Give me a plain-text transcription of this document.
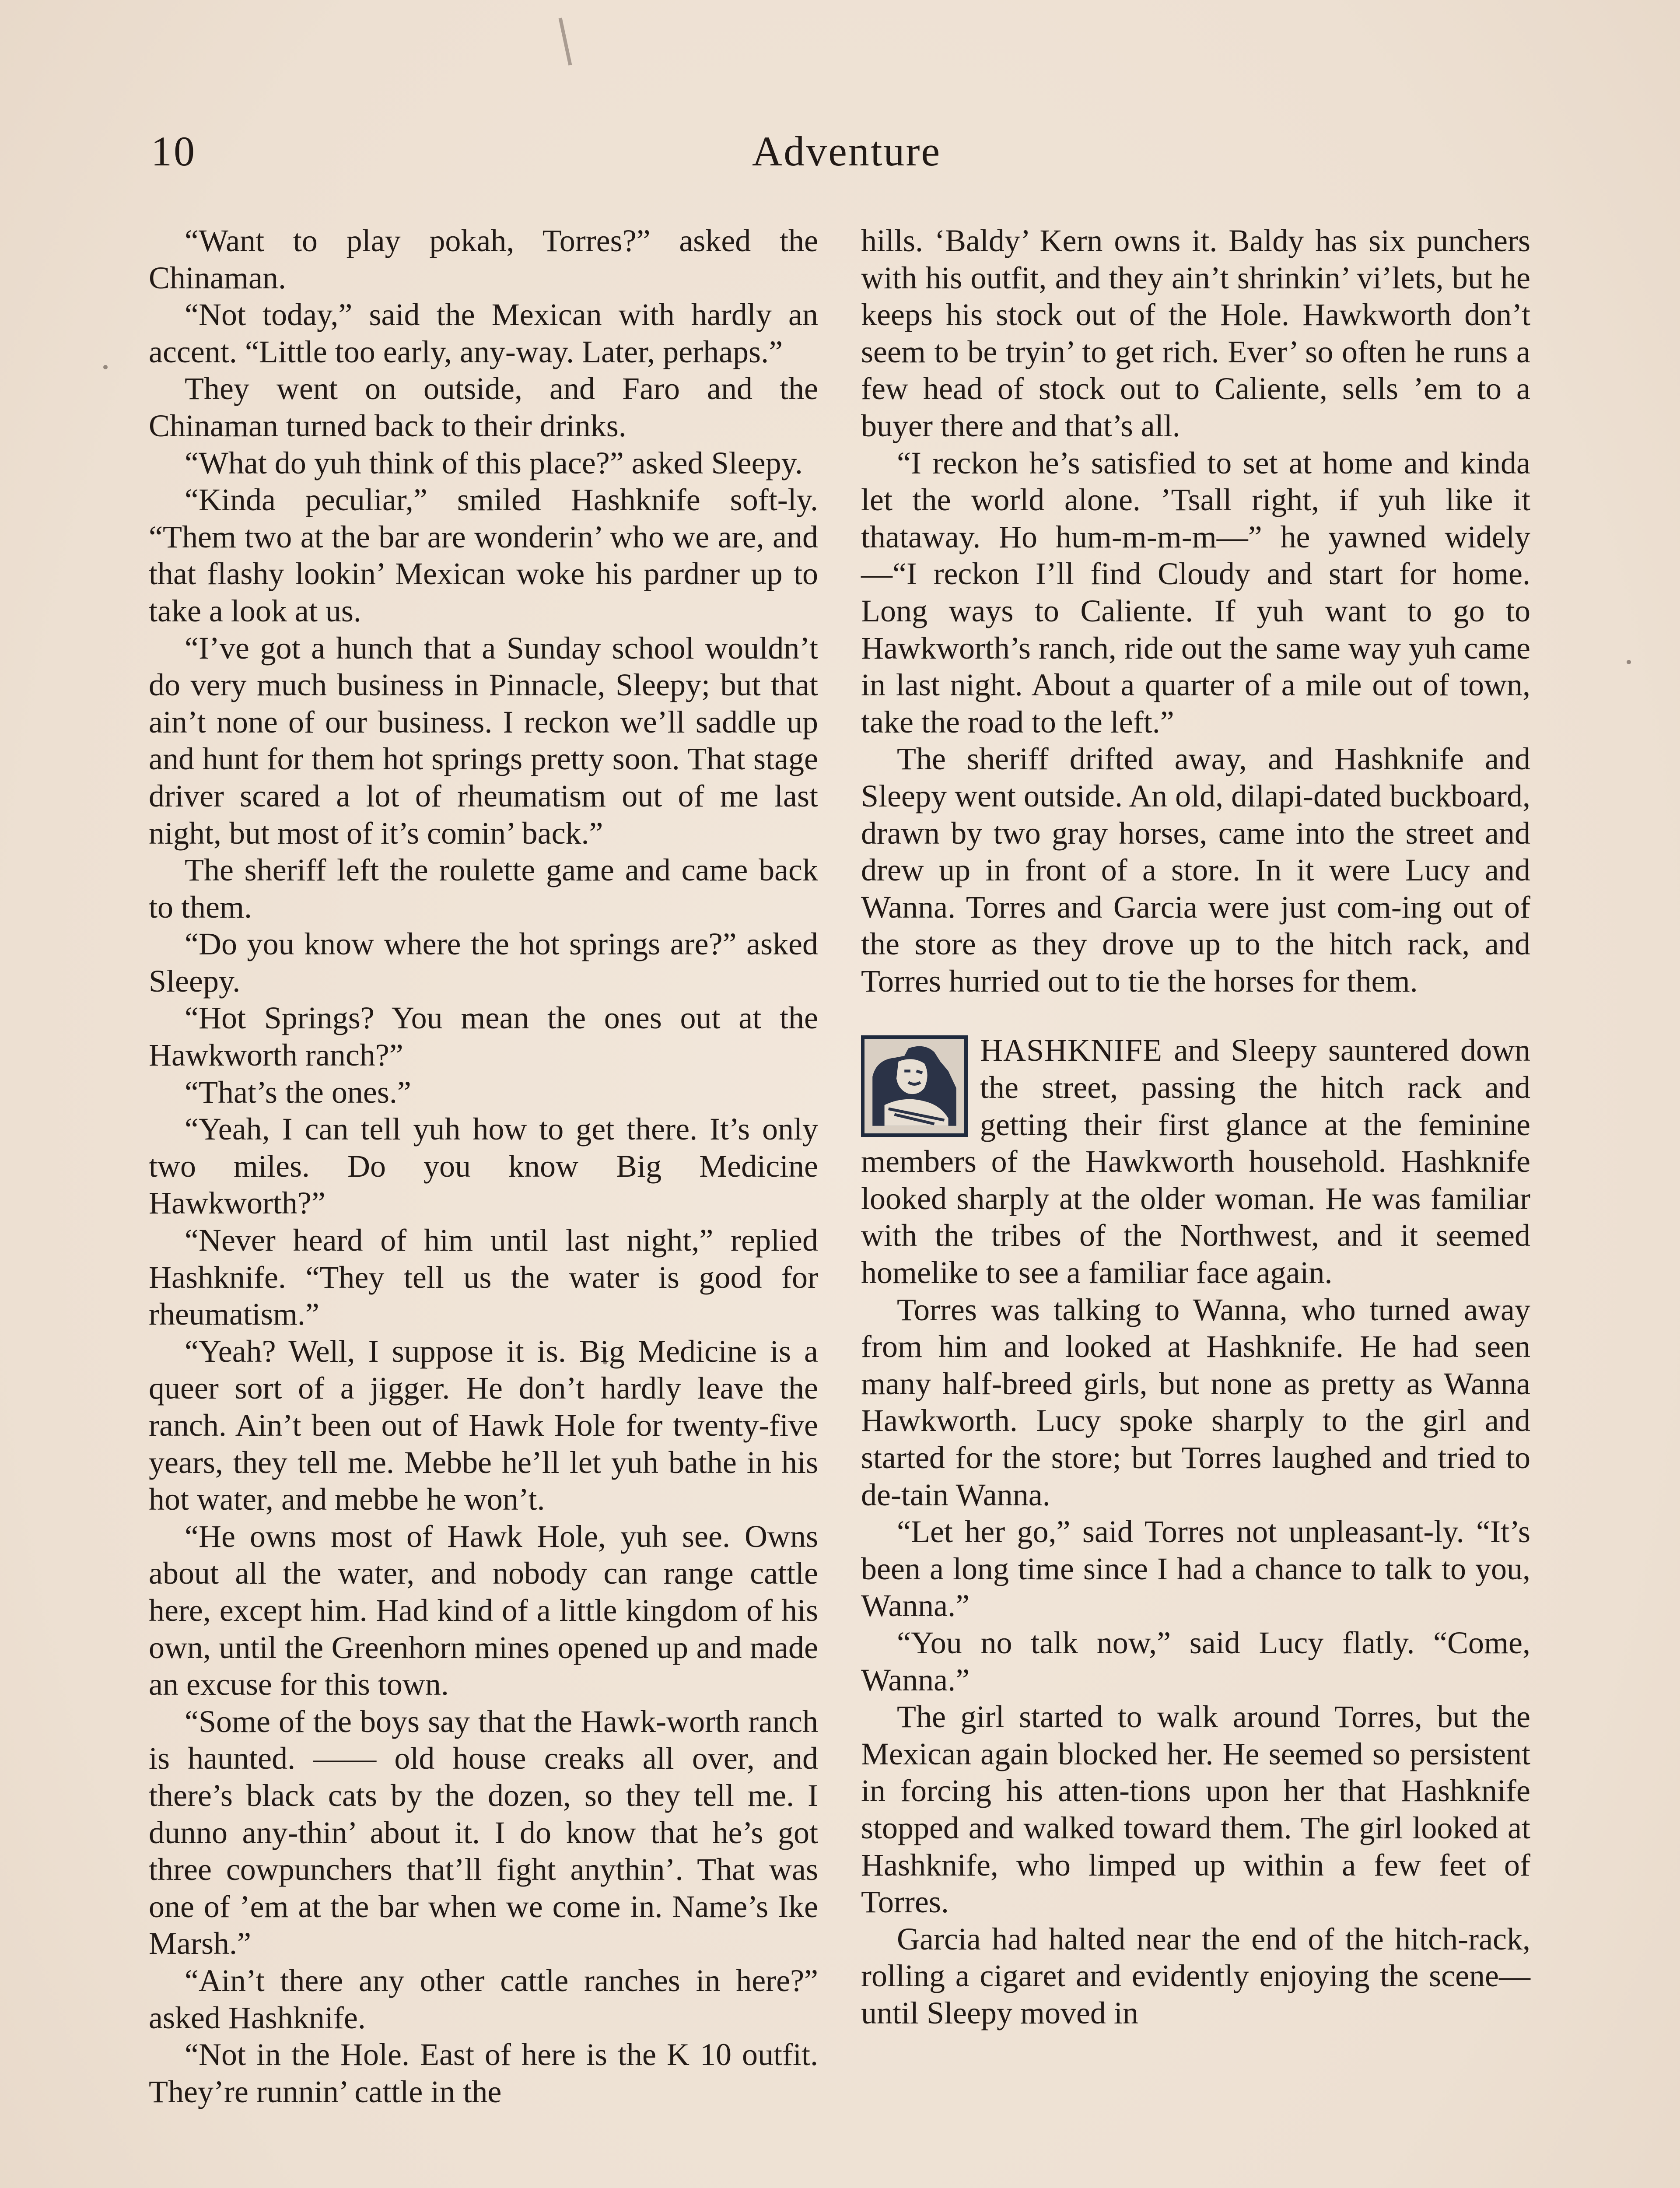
10	Adventure

“Want to play pokah, Torres?” asked the Chinaman.

“Not today,” said the Mexican with hardly an accent. “Little too early, any-way. Later, perhaps.”

They went on outside, and Faro and the Chinaman turned back to their drinks.

“What do yuh think of this place?” asked Sleepy.

“Kinda peculiar,” smiled Hashknife soft-ly. “Them two at the bar are wonderin’ who we are, and that flashy lookin’ Mexican woke his pardner up to take a look at us.

“I’ve got a hunch that a Sunday school wouldn’t do very much business in Pinnacle, Sleepy; but that ain’t none of our business. I reckon we’ll saddle up and hunt for them hot springs pretty soon. That stage driver scared a lot of rheumatism out of me last night, but most of it’s comin’ back.”

The sheriff left the roulette game and came back to them.

“Do you know where the hot springs are?” asked Sleepy.

“Hot Springs? You mean the ones out at the Hawkworth ranch?”

“That’s the ones.”

“Yeah, I can tell yuh how to get there. It’s only two miles. Do you know Big Medicine Hawkworth?”

“Never heard of him until last night,” replied Hashknife. “They tell us the water is good for rheumatism.”

“Yeah? Well, I suppose it is. Big Medicine is a queer sort of a jigger. He don’t hardly leave the ranch. Ain’t been out of Hawk Hole for twenty-five years, they tell me. Mebbe he’ll let yuh bathe in his hot water, and mebbe he won’t.

“He owns most of Hawk Hole, yuh see. Owns about all the water, and nobody can range cattle here, except him. Had kind of a little kingdom of his own, until the Greenhorn mines opened up and made an excuse for this town.

“Some of the boys say that the Hawk-worth ranch is haunted. —— old house creaks all over, and there’s black cats by the dozen, so they tell me. I dunno any-thin’ about it. I do know that he’s got three cowpunchers that’ll fight anythin’. That was one of ’em at the bar when we come in. Name’s Ike Marsh.”

“Ain’t there any other cattle ranches in here?” asked Hashknife.

“Not in the Hole. East of here is the K 10 outfit. They’re runnin’ cattle in the

hills. ‘Baldy’ Kern owns it. Baldy has six punchers with his outfit, and they ain’t shrinkin’ vi’lets, but he keeps his stock out of the Hole. Hawkworth don’t seem to be tryin’ to get rich. Ever’ so often he runs a few head of stock out to Caliente, sells ’em to a buyer there and that’s all.

“I reckon he’s satisfied to set at home and kinda let the world alone. ’Tsall right, if yuh like it thataway. Ho hum-m-m-m—” he yawned widely—“I reckon I’ll find Cloudy and start for home. Long ways to Caliente. If yuh want to go to Hawkworth’s ranch, ride out the same way yuh came in last night. About a quarter of a mile out of town, take the road to the left.”

The sheriff drifted away, and Hashknife and Sleepy went outside. An old, dilapi-dated buckboard, drawn by two gray horses, came into the street and drew up in front of a store. In it were Lucy and Wanna. Torres and Garcia were just com-ing out of the store as they drove up to the hitch rack, and Torres hurried out to tie the horses for them.

HASHKNIFE and Sleepy sauntered down the street, passing the hitch rack and getting their first glance at the feminine members of the Hawkworth household. Hashknife looked sharply at the older woman. He was familiar with the tribes of the Northwest, and it seemed homelike to see a familiar face again.

Torres was talking to Wanna, who turned away from him and looked at Hashknife. He had seen many half-breed girls, but none as pretty as Wanna Hawkworth. Lucy spoke sharply to the girl and started for the store; but Torres laughed and tried to de-tain Wanna.

“Let her go,” said Torres not unpleasant-ly. “It’s been a long time since I had a chance to talk to you, Wanna.”

“You no talk now,” said Lucy flatly. “Come, Wanna.”

The girl started to walk around Torres, but the Mexican again blocked her. He seemed so persistent in forcing his atten-tions upon her that Hashknife stopped and walked toward them. The girl looked at Hashknife, who limped up within a few feet of Torres.

Garcia had halted near the end of the hitch-rack, rolling a cigaret and evidently enjoying the scene—until Sleepy moved in
